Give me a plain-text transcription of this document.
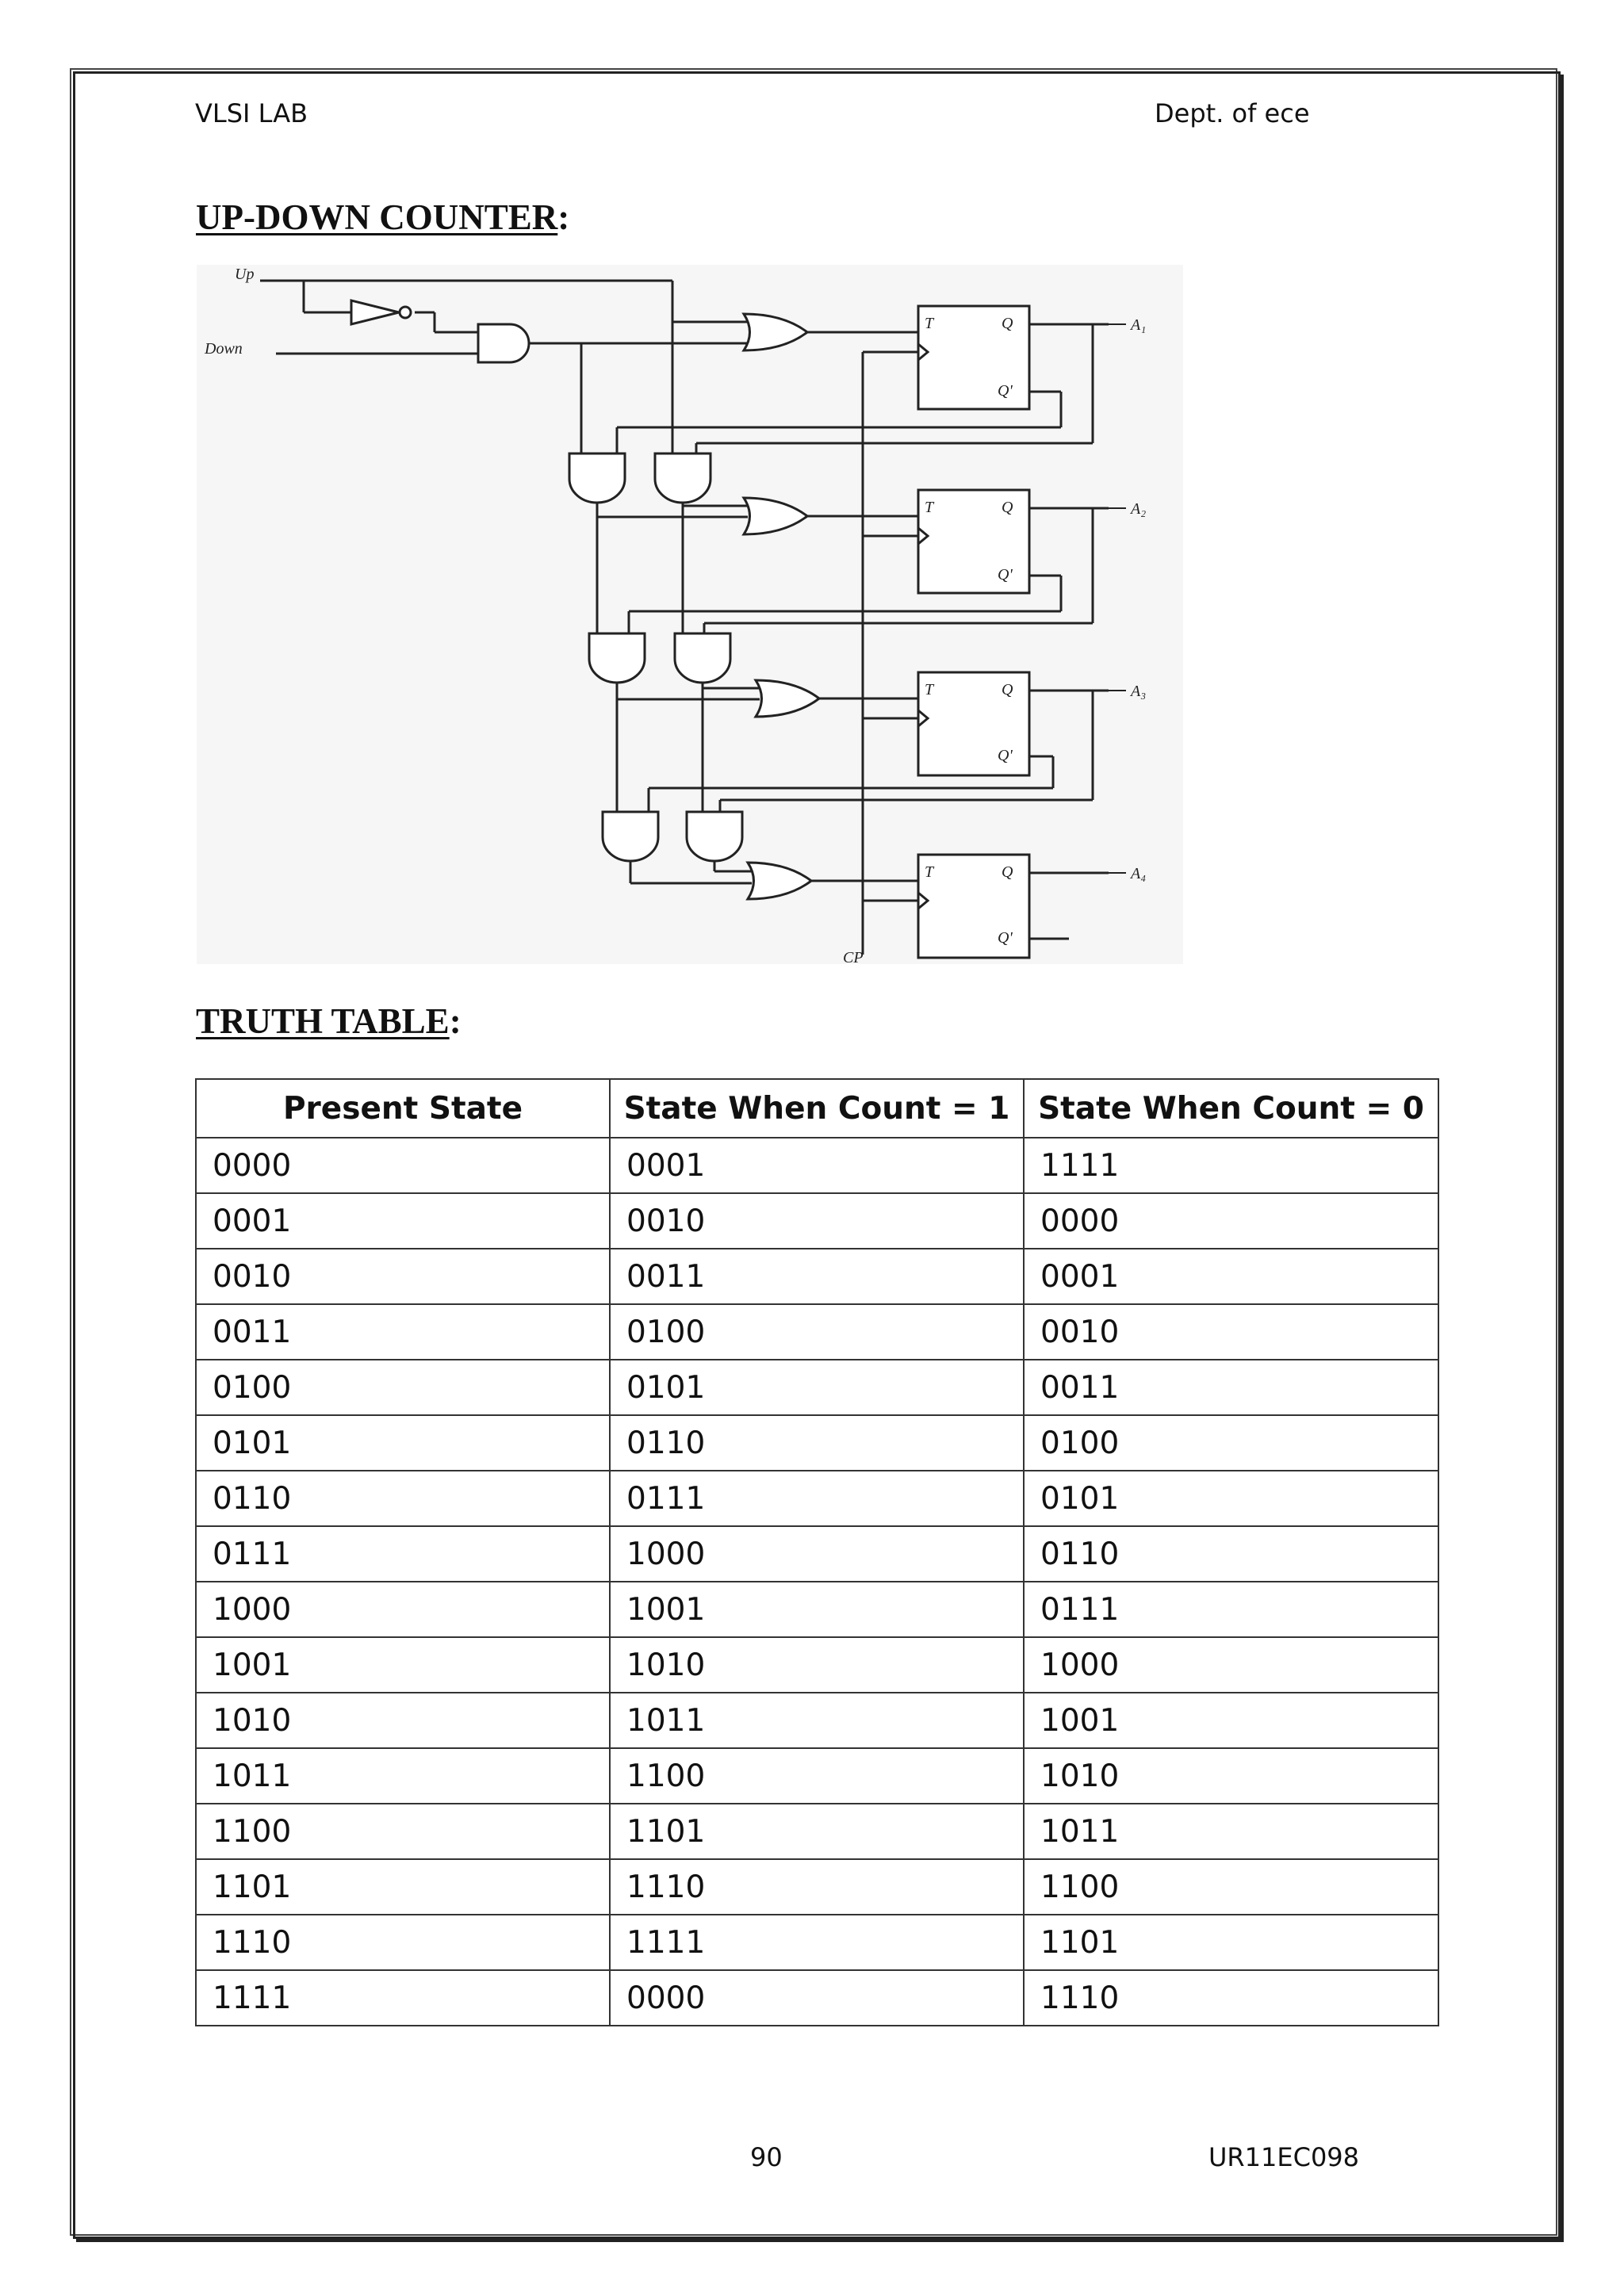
VLSI LAB	Dept. of ece
UP-DOWN COUNTER:
Up
Down
CP
T	Q
Q'
T	Q
Q'
T	Q
Q'
T	Q
Q'
A₁
A₂
A₃
A₄
TRUTH TABLE:
Present State	State When Count = 1	State When Count = 0
0000	0001	1111
0001	0010	0000
0010	0011	0001
0011	0100	0010
0100	0101	0011
0101	0110	0100
0110	0111	0101
0111	1000	0110
1000	1001	0111
1001	1010	1000
1010	1011	1001
1011	1100	1010
1100	1101	1011
1101	1110	1100
1110	1111	1101
1111	0000	1110
90	UR11EC098
